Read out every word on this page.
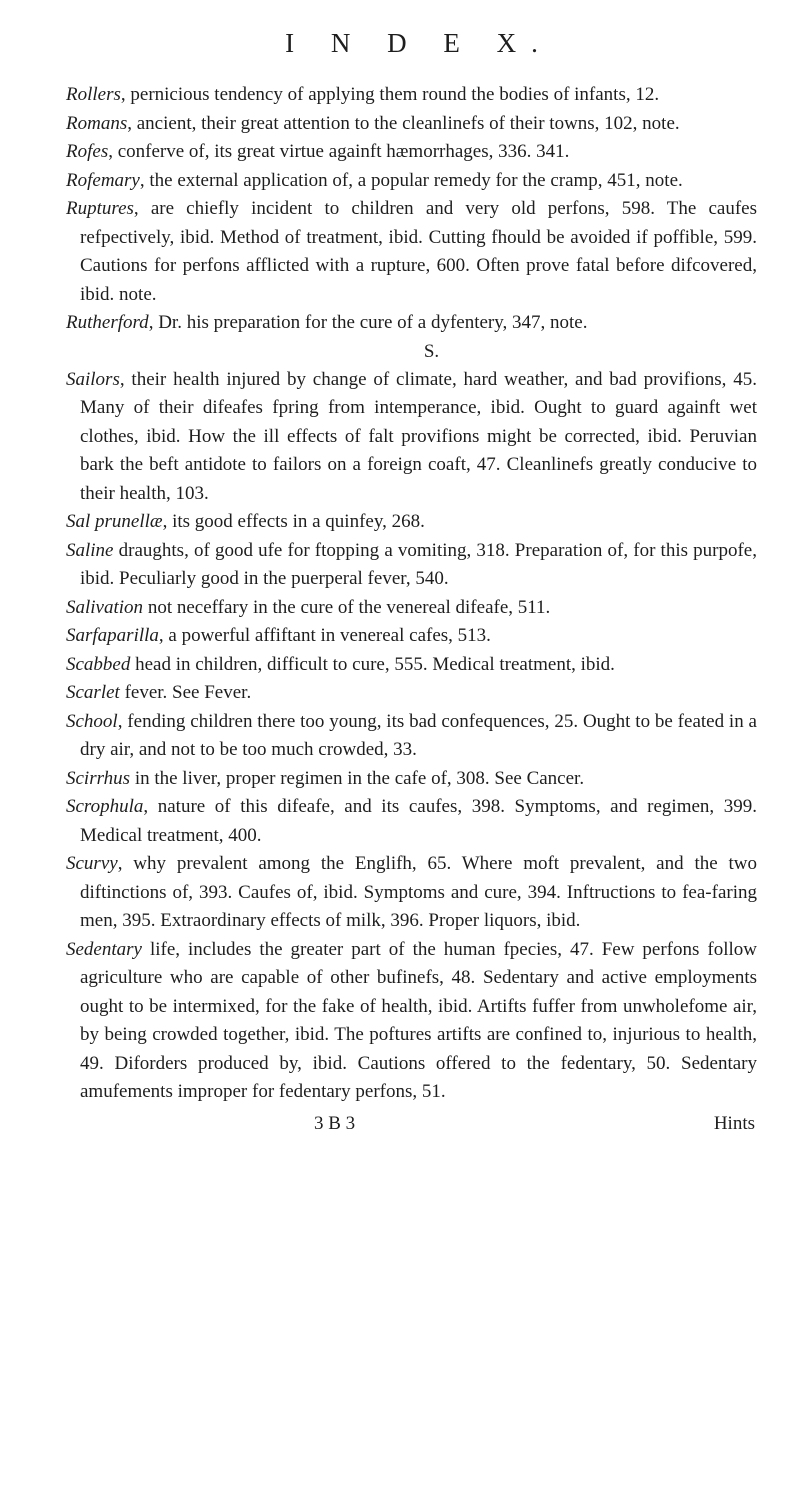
I N D E X.

Rollers, pernicious tendency of applying them round the bodies of infants, 12.

Romans, ancient, their great attention to the cleanlinefs of their towns, 102, note.

Rofes, conferve of, its great virtue againft hæmorrhages, 336. 341.

Rofemary, the external application of, a popular remedy for the cramp, 451, note.

Ruptures, are chiefly incident to children and very old perfons, 598. The caufes refpectively, ibid. Method of treatment, ibid. Cutting fhould be avoided if poffible, 599. Cautions for perfons afflicted with a rupture, 600. Often prove fatal before difcovered, ibid. note.

Rutherford, Dr. his preparation for the cure of a dyfentery, 347, note.

S.

Sailors, their health injured by change of climate, hard weather, and bad provifions, 45. Many of their difeafes fpring from intemperance, ibid. Ought to guard againft wet clothes, ibid. How the ill effects of falt provifions might be corrected, ibid. Peruvian bark the beft antidote to failors on a foreign coaft, 47. Cleanlinefs greatly conducive to their health, 103.

Sal prunellæ, its good effects in a quinfey, 268.

Saline draughts, of good ufe for ftopping a vomiting, 318. Preparation of, for this purpofe, ibid. Peculiarly good in the puerperal fever, 540.

Salivation not neceffary in the cure of the venereal difeafe, 511.

Sarfaparilla, a powerful affiftant in venereal cafes, 513.

Scabbed head in children, difficult to cure, 555. Medical treatment, ibid.

Scarlet fever. See Fever.

School, fending children there too young, its bad confequences, 25. Ought to be feated in a dry air, and not to be too much crowded, 33.

Scirrhus in the liver, proper regimen in the cafe of, 308. See Cancer.

Scrophula, nature of this difeafe, and its caufes, 398. Symptoms, and regimen, 399. Medical treatment, 400.

Scurvy, why prevalent among the Englifh, 65. Where moft prevalent, and the two diftinctions of, 393. Caufes of, ibid. Symptoms and cure, 394. Inftructions to fea-faring men, 395. Extraordinary effects of milk, 396. Proper liquors, ibid.

Sedentary life, includes the greater part of the human fpecies, 47. Few perfons follow agriculture who are capable of other bufinefs, 48. Sedentary and active employments ought to be intermixed, for the fake of health, ibid. Artifts fuffer from unwholefome air, by being crowded together, ibid. The poftures artifts are confined to, injurious to health, 49. Diforders produced by, ibid. Cautions offered to the fedentary, 50. Sedentary amufements improper for fedentary perfons, 51.

3 B 3	Hints
